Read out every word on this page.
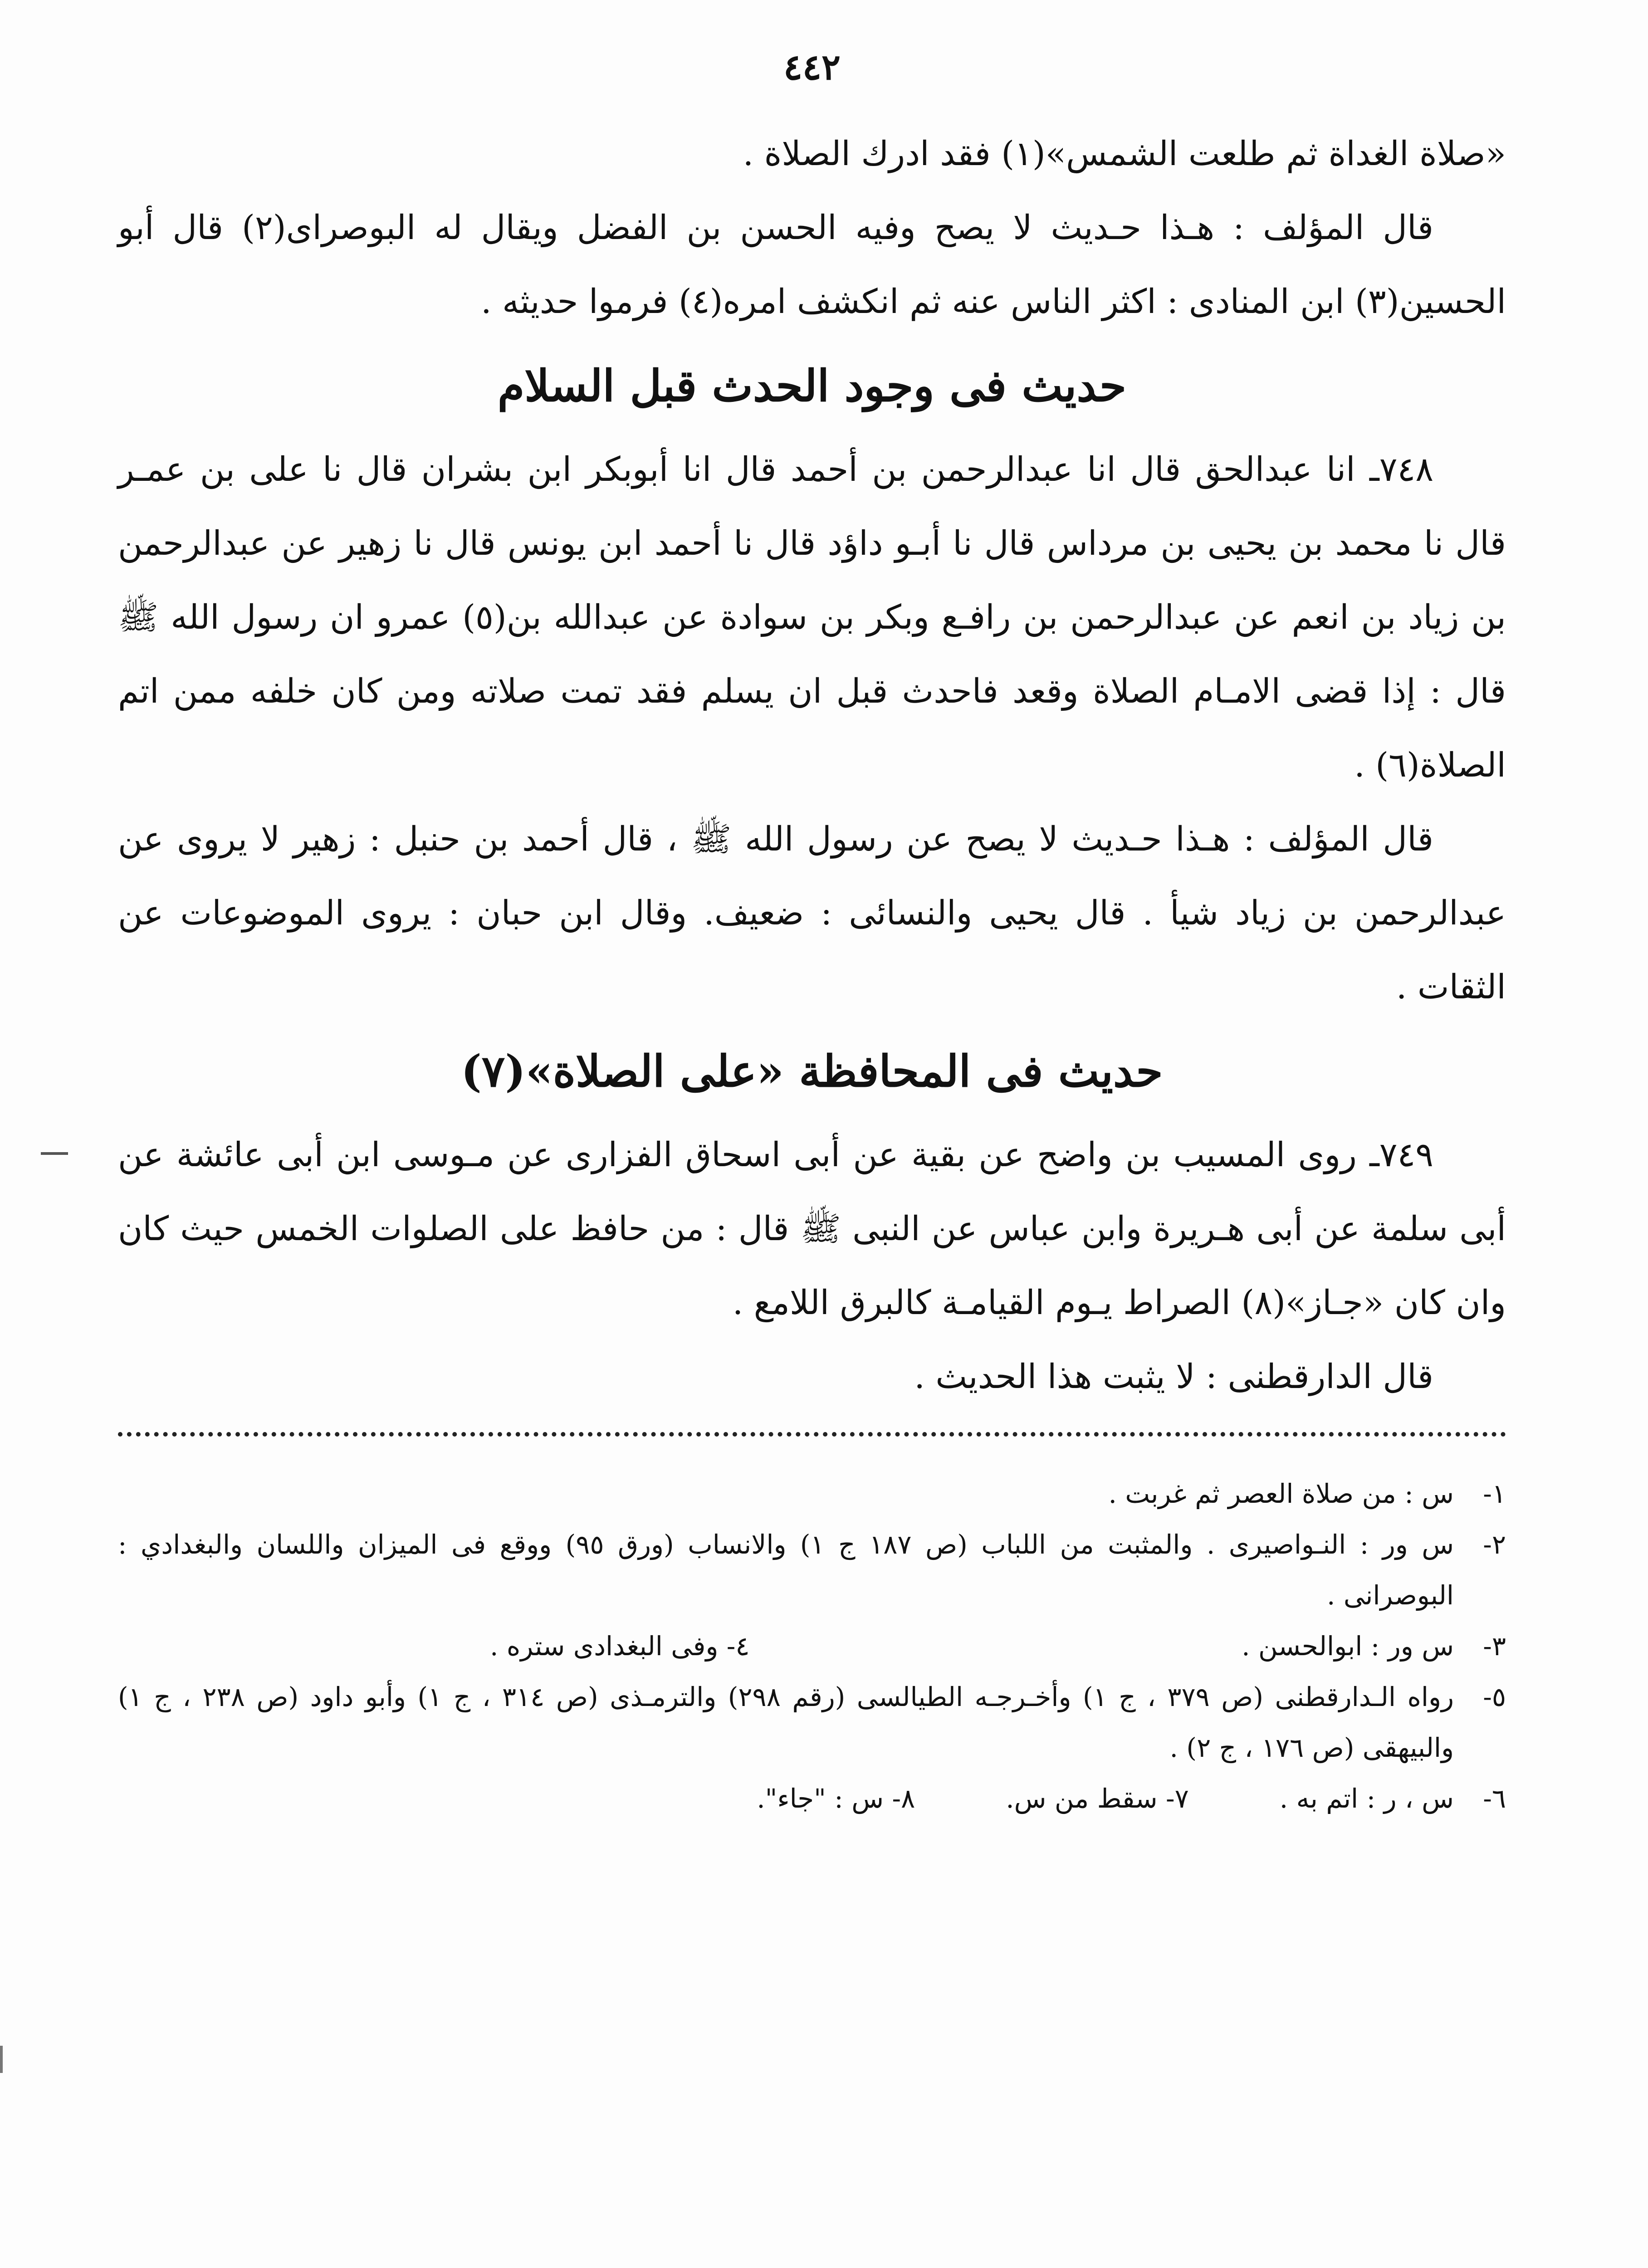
٤٤٢

«صلاة الغداة ثم طلعت الشمس»(١) فقد ادرك الصلاة .

قال المؤلف : هـذا حـديث لا يصح وفيه الحسن بن الفضل ويقال له البوصراى(٢) قال أبو الحسين(٣) ابن المنادى : اكثر الناس عنه ثم انكشف امره(٤) فرموا حديثه .

حديث فى وجود الحدث قبل السلام

٧٤٨ـ انا عبدالحق قال انا عبدالرحمن بن أحمد قال انا أبوبكر ابن بشران قال نا على بن عمـر قال نا محمد بن يحيى بن مرداس قال نا أبـو داؤد قال نا أحمد ابن يونس قال نا زهير عن عبدالرحمن بن زياد بن انعم عن عبدالرحمن بن رافـع وبكر بن سوادة عن عبدالله بن(٥) عمرو ان رسول الله ﷺ قال : إذا قضى الامـام الصلاة وقعد فاحدث قبل ان يسلم فقد تمت صلاته ومن كان خلفه ممن اتم الصلاة(٦) .

قال المؤلف : هـذا حـديث لا يصح عن رسول الله ﷺ ، قال أحمد بن حنبل : زهير لا يروى عن عبدالرحمن بن زياد شيأ . قال يحيى والنسائى : ضعيف. وقال ابن حبان : يروى الموضوعات عن الثقات .

حديث فى المحافظة «على الصلاة»(٧)

٧٤٩ـ روى المسيب بن واضح عن بقية عن أبى اسحاق الفزارى عن مـوسى ابن أبى عائشة عن أبى سلمة عن أبى هـريرة وابن عباس عن النبى ﷺ قال : من حافظ على الصلوات الخمس حيث كان وان كان «جـاز»(٨) الصراط يـوم القيامـة كالبرق اللامع .

قال الدارقطنى : لا يثبت هذا الحديث .

١-
س : من صلاة العصر ثم غربت .

٢-
س ور : النـواصيرى . والمثبت من اللباب (ص ١٨٧ ج ١) والانساب (ورق ٩٥) ووقع فى الميزان واللسان والبغدادي : البوصرانى .

٣-
س ور : ابوالحسن .
٤- وفى البغدادى ستره .

٥-
رواه الـدارقطنى (ص ٣٧٩ ، ج ١) وأخـرجـه الطيالسى (رقم ٢٩٨) والترمـذى (ص ٣١٤ ، ج ١) وأبو داود (ص ٢٣٨ ، ج ١) والبيهقى (ص ١٧٦ ، ج ٢) .

٦-
س ، ر : اتم به .
٧- سقط من س.
٨- س : "جاء".
